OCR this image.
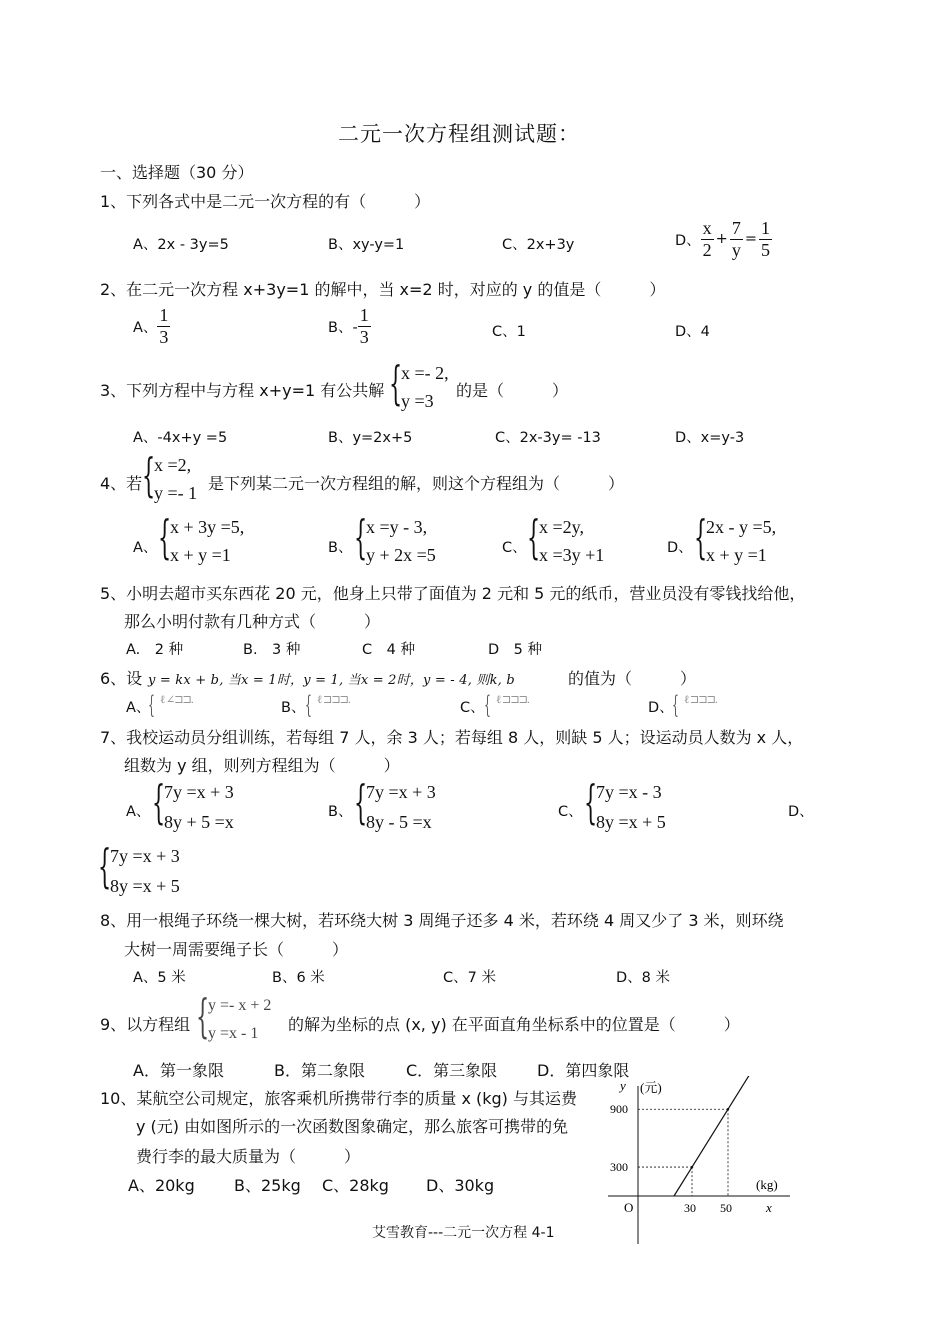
二元一次方程组测试题：
一、选择题（30 分）
1、下列各式中是二元一次方程的有（　　　）
A、2x - 3y=5	B、xy-y=1	C、2x+3y	D、 $\frac{x}{2} + \frac{7}{y} = \frac{1}{5}$
2、在二元一次方程 x+3y=1 的解中，当 x=2 时，对应的 y 的值是（　　　）
A、 $\frac{1}{3}$	B、- $\frac{1}{3}$	C、1	D、4
3、下列方程中与方程 x+y=1 有公共解 {
x =- 2,
y =3
的是（　　　）
A、-4x+y =5	B、y=2x+5	C、2x-3y= -13	D、x=y-3
4、若 {
x =2,
y =- 1 是下列某二元一次方程组的解，则这个方程组为（　　　）
A、 {
x + 3y =5,
x + y =1	B、 {
x =y - 3,
y + 2x =5	C、 {
x =2y,
x =3y +1	D、 {
2x - y =5,
x + y =1
5、小明去超市买东西花 20 元，他身上只带了面值为 2 元和 5 元的纸币，营业员没有零钱找给他，
那么小明付款有几种方式（　　　）
A.　2 种	B.　3 种	C　4 种	D　5 种
6、设 y = kx + b, 当x = 1时，y = 1, 当x = 2时，y = - 4, 则k, b	的值为（　　　）
A、
{ ℓ ∠⊐⊐.	B、 { ℓ ⊐⊐⊐.	C、 { ℓ ⊐⊐⊐.	D、
{ ℓ ⊐⊐⊐.
7、我校运动员分组训练，若每组 7 人，余 3 人；若每组 8 人，则缺 5 人；设运动员人数为 x 人，
组数为 y 组，则列方程组为（　　　）
A、 {
7y =x + 3
8y + 5 =x	B、 {
7y =x + 3
8y - 5 =x	C、 {
7y =x - 3
8y =x + 5	D、
{
7y =x + 3
8y =x + 5
8、用一根绳子环绕一棵大树，若环绕大树 3 周绳子还多 4 米，若环绕 4 周又少了 3 米，则环绕
大树一周需要绳子长（　　　）
A、5 米	B、6 米	C、7 米	D、8 米
9、以方程组 {
y =- x + 2
y =x - 1	的解为坐标的点 (x, y) 在平面直角坐标系中的位置是（　　　）
A．第一象限	B．第二象限	C．第三象限 D．第四象限
10、某航空公司规定，旅客乘机所携带行李的质量 x (kg) 与其运费
y (元) 由如图所示的一次函数图象确定，那么旅客可携带的免
费行李的最大质量为（　　　）
A、20kg B、25kg C、28kg D、30kg
y (元)
x
(kg)
O
300
30
900
50
艾雪教育---二元一次方程 4-1
